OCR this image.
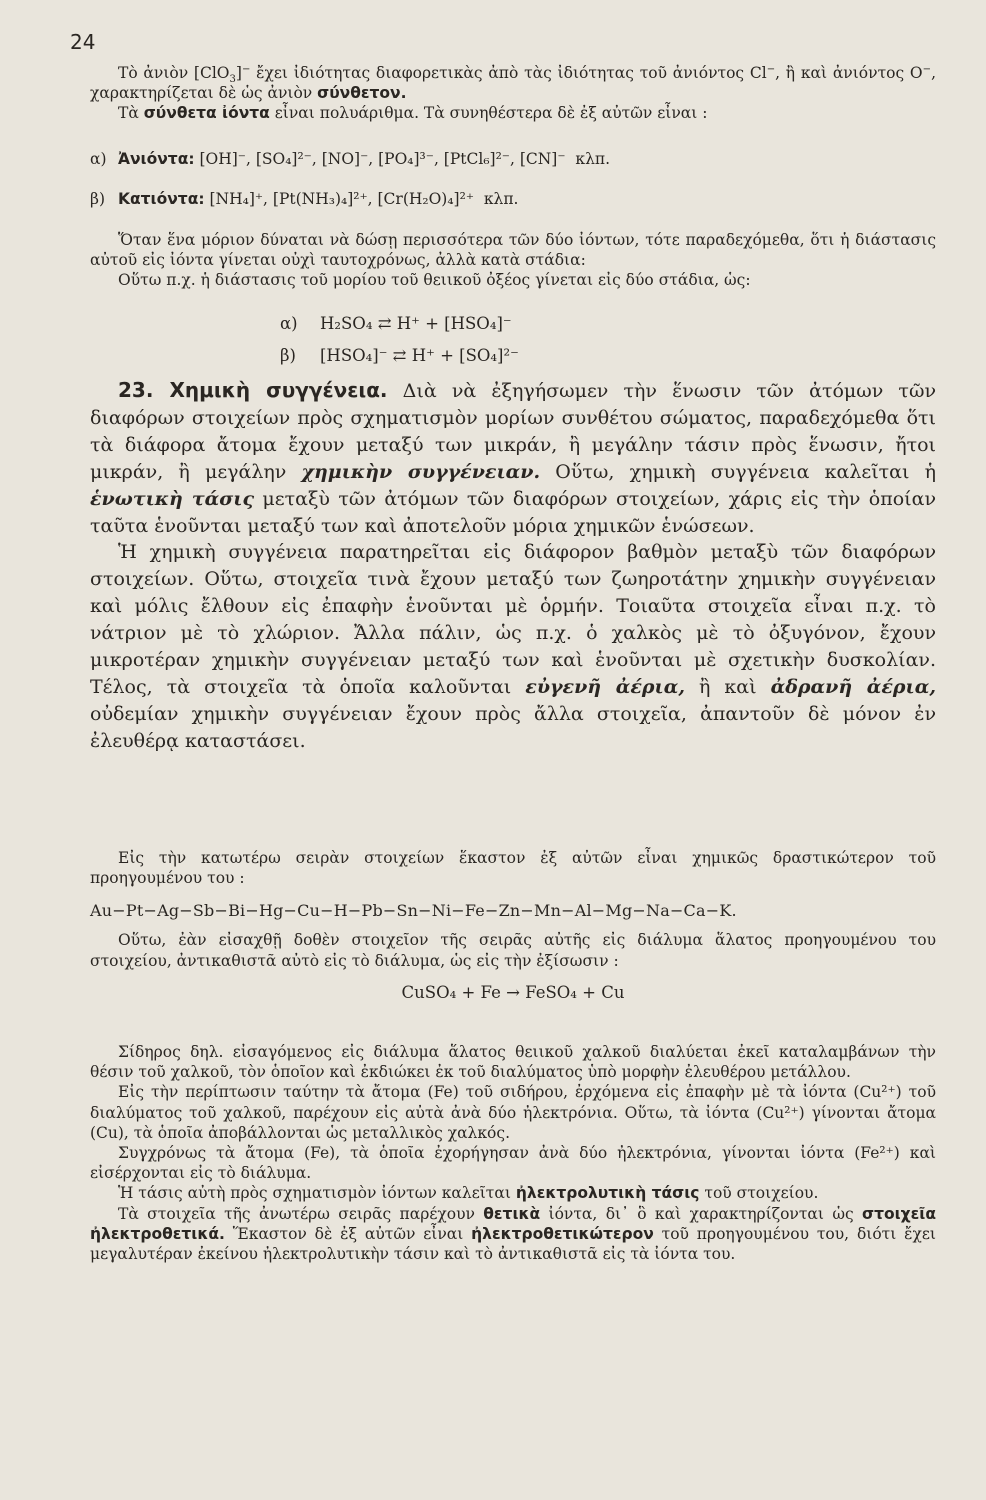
24

Τὸ ἀνιὸν [ClO$_3$]− ἔχει ἰδιότητας διαφορετικὰς ἀπὸ τὰς ἰδιότητας τοῦ ἀνιόντος Cl−, ἢ καὶ ἀνιόντος O−, χαρακτηρίζεται δὲ ὡς ἀνιὸν σύνθετον.

Τὰ σύνθετα ἰόντα εἶναι πολυάριθμα. Τὰ συνηθέστερα δὲ ἐξ αὐτῶν εἶναι :

α) Ἀνιόντα: [OH]⁻, [SO₄]²⁻, [NO]⁻, [PO₄]³⁻, [PtCl₆]²⁻, [CN]⁻  κλπ.
β) Κατιόντα: [NH₄]⁺, [Pt(NH₃)₄]²⁺, [Cr(H₂O)₄]²⁺  κλπ.

Ὅταν ἕνα μόριον δύναται νὰ δώσῃ περισσότερα τῶν δύο ἰόντων, τότε παραδεχόμεθα, ὅτι ἡ διάστασις αὐτοῦ εἰς ἰόντα γίνεται οὐχὶ ταυτοχρόνως, ἀλλὰ κατὰ στάδια:

Οὕτω π.χ. ἡ διάστασις τοῦ μορίου τοῦ θειικοῦ ὀξέος γίνεται εἰς δύο στάδια, ὡς:

α) H₂SO₄ ⇄ H⁺ + [HSO₄]⁻

β) [HSO₄]⁻ ⇄ H⁺ + [SO₄]²⁻

23. Χημικὴ συγγένεια. Διὰ νὰ ἐξηγήσωμεν τὴν ἕνωσιν τῶν ἀτόμων τῶν διαφόρων στοιχείων πρὸς σχηματισμὸν μορίων συνθέτου σώματος, παραδεχόμεθα ὅτι τὰ διάφορα ἄτομα ἔχουν μεταξύ των μικράν, ἢ μεγάλην τάσιν πρὸς ἕνωσιν, ἤτοι μικράν, ἢ μεγάλην χημικὴν συγγένειαν. Οὕτω, χημικὴ συγγένεια καλεῖται ἡ ἑνωτικὴ τάσις μεταξὺ τῶν ἀτόμων τῶν διαφόρων στοιχείων, χάρις εἰς τὴν ὁποίαν ταῦτα ἑνοῦνται μεταξύ των καὶ ἀποτελοῦν μόρια χημικῶν ἑνώσεων.

Ἡ χημικὴ συγγένεια παρατηρεῖται εἰς διάφορον βαθμὸν μεταξὺ τῶν διαφόρων στοιχείων. Οὕτω, στοιχεῖα τινὰ ἔχουν μεταξύ των ζωηροτάτην χημικὴν συγγένειαν καὶ μόλις ἔλθουν εἰς ἐπαφὴν ἑνοῦνται μὲ ὁρμήν. Τοιαῦτα στοιχεῖα εἶναι π.χ. τὸ νάτριον μὲ τὸ χλώριον. Ἄλλα πάλιν, ὡς π.χ. ὁ χαλκὸς μὲ τὸ ὀξυγόνον, ἔχουν μικροτέραν χημικὴν συγγένειαν μεταξύ των καὶ ἑνοῦνται μὲ σχετικὴν δυσκολίαν. Τέλος, τὰ στοιχεῖα τὰ ὁποῖα καλοῦνται εὐγενῆ ἀέρια, ἢ καὶ ἀδρανῆ ἀέρια, οὐδεμίαν χημικὴν συγγένειαν ἔχουν πρὸς ἄλλα στοιχεῖα, ἀπαντοῦν δὲ μόνον ἐν ἐλευθέρᾳ καταστάσει.

Εἰς τὴν κατωτέρω σειρὰν στοιχείων ἕκαστον ἐξ αὐτῶν εἶναι χημικῶς δραστικώτερον τοῦ προηγουμένου του :

Au−Pt−Ag−Sb−Bi−Hg−Cu−H−Pb−Sn−Ni−Fe−Zn−Mn−Al−Mg−Na−Ca−K.

Οὕτω, ἐὰν εἰσαχθῇ δοθὲν στοιχεῖον τῆς σειρᾶς αὐτῆς εἰς διάλυμα ἅλατος προηγουμένου του στοιχείου, ἀντικαθιστᾶ αὐτὸ εἰς τὸ διάλυμα, ὡς εἰς τὴν ἐξίσωσιν :

CuSO₄ + Fe → FeSO₄ + Cu

Σίδηρος δηλ. εἰσαγόμενος εἰς διάλυμα ἅλατος θειικοῦ χαλκοῦ διαλύεται ἐκεῖ καταλαμβάνων τὴν θέσιν τοῦ χαλκοῦ, τὸν ὁποῖον καὶ ἐκδιώκει ἐκ τοῦ διαλύματος ὑπὸ μορφὴν ἐλευθέρου μετάλλου.

Εἰς τὴν περίπτωσιν ταύτην τὰ ἄτομα (Fe) τοῦ σιδήρου, ἐρχόμενα εἰς ἐπαφὴν μὲ τὰ ἰόντα (Cu²⁺) τοῦ διαλύματος τοῦ χαλκοῦ, παρέχουν εἰς αὐτὰ ἀνὰ δύο ἠλεκτρόνια. Οὕτω, τὰ ἰόντα (Cu²⁺) γίνονται ἄτομα (Cu), τὰ ὁποῖα ἀποβάλλονται ὡς μεταλλικὸς χαλκός.

Συγχρόνως τὰ ἄτομα (Fe), τὰ ὁποῖα ἐχορήγησαν ἀνὰ δύο ἠλεκτρόνια, γίνονται ἰόντα (Fe²⁺) καὶ εἰσέρχονται εἰς τὸ διάλυμα.

Ἡ τάσις αὐτὴ πρὸς σχηματισμὸν ἰόντων καλεῖται ἠλεκτρολυτικὴ τάσις τοῦ στοιχείου.

Τὰ στοιχεῖα τῆς ἀνωτέρω σειρᾶς παρέχουν θετικὰ ἰόντα, δι᾽ ὃ καὶ χαρακτηρίζονται ὡς στοιχεῖα ἠλεκτροθετικά. Ἕκαστον δὲ ἐξ αὐτῶν εἶναι ἠλεκτροθετικώτερον τοῦ προηγουμένου του, διότι ἔχει μεγαλυτέραν ἐκείνου ἠλεκτρολυτικὴν τάσιν καὶ τὸ ἀντικαθιστᾶ εἰς τὰ ἰόντα του.
